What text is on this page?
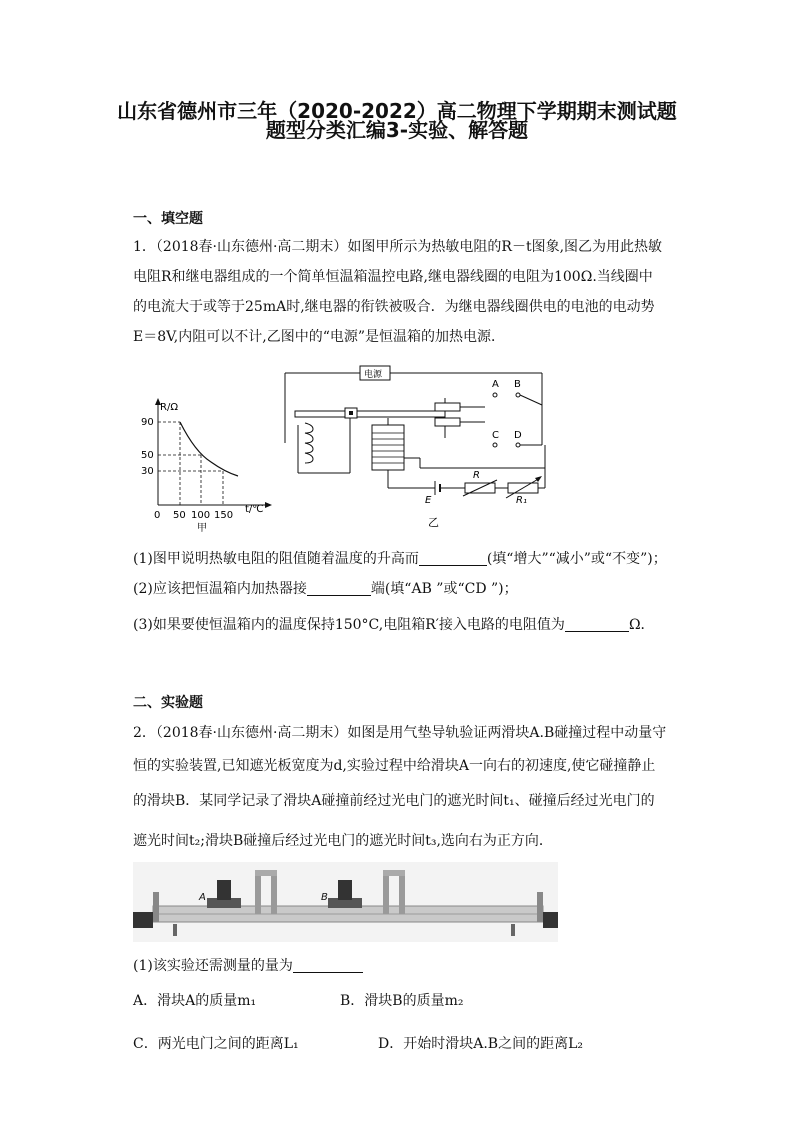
山东省德州市三年（2020-2022）高二物理下学期期末测试题
题型分类汇编3-实验、解答题
一、填空题
1．（2018春·山东德州·高二期末）如图甲所示为热敏电阻的R－t图象,图乙为用此热敏
电阻R和继电器组成的一个简单恒温箱温控电路,继电器线圈的电阻为100Ω.当线圈中
的电流大于或等于25mA时,继电器的衔铁被吸合．为继电器线圈供电的电池的电动势
E＝8V,内阻可以不计,乙图中的“电源”是恒温箱的加热电源．
R/Ω
t/℃
90
50
30
0 50 100 150
甲
电源
A B
C D
E
R
R₁
乙
(1)图甲说明热敏电阻的阻值随着温度的升高而	(填“增大”“减小”或“不变”)；
(2)应该把恒温箱内加热器接	端(填“AB ”或“CD ”)；
(3)如果要使恒温箱内的温度保持150°C,电阻箱R′接入电路的电阻值为	Ω．
二、实验题
2．（2018春·山东德州·高二期末）如图是用气垫导轨验证两滑块A.B碰撞过程中动量守
恒的实验装置,已知遮光板宽度为d,实验过程中给滑块A一向右的初速度,使它碰撞静止
的滑块B．某同学记录了滑块A碰撞前经过光电门的遮光时间t₁、碰撞后经过光电门的
遮光时间t₂;滑块B碰撞后经过光电门的遮光时间t₃,选向右为正方向．
A	B
(1)该实验还需测量的量为
A．滑块A的质量m₁	B．滑块B的质量m₂
C．两光电门之间的距离L₁	D．开始时滑块A.B之间的距离L₂
